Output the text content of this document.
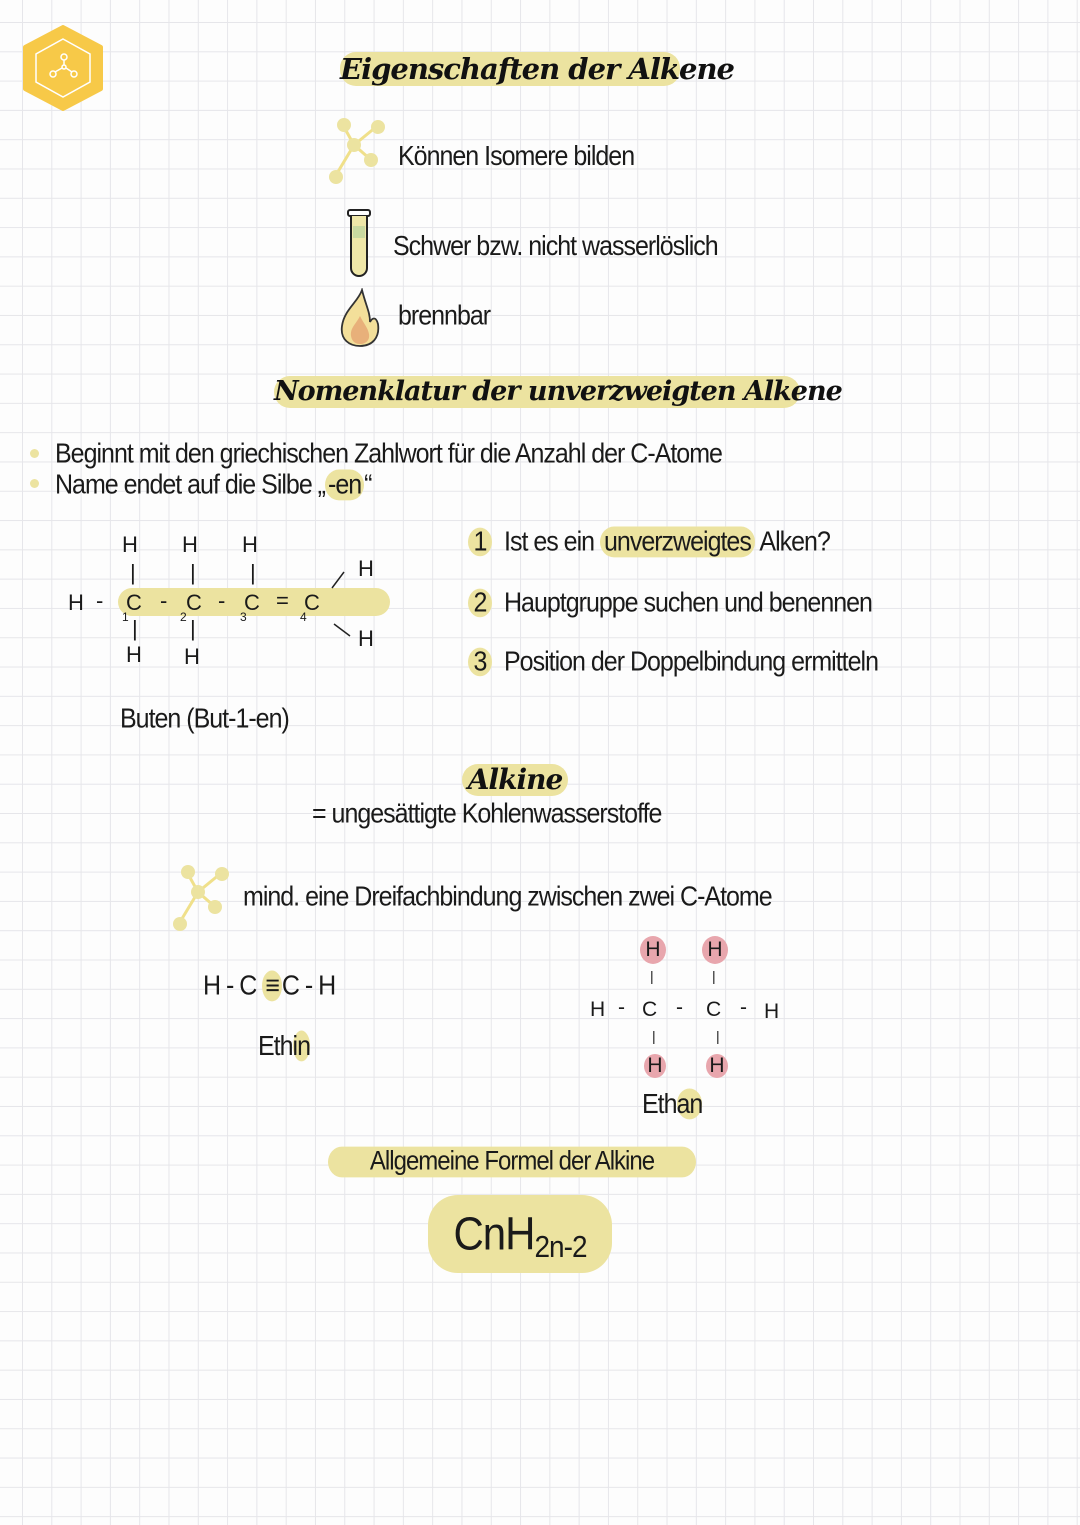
Eigenschaften der Alkene
Können Isomere bilden
Schwer bzw. nicht wasserlöslich
brennbar
Nomenklatur der unverzweigten Alkene
Beginnt mit den griechischen Zahlwort für die Anzahl der C-Atome
Name endet auf die Silbe „ -en “
H H H
| | |
H - C - C - C = C
1	2	3	4
H
H
| |
H H
Buten (But-1-en)
1 Ist es ein unverzweigtes Alken?
2 Hauptgruppe suchen und benennen
3 Position der Doppelbindung ermitteln
Alkine
= ungesättigte Kohlenwasserstoffe
mind. eine Dreifachbindung zwischen zwei C-Atome
H - C ≡ C - H
Ethin
H H
|	|
H - C - C - H
|	|
H H
Ethan
Allgemeine Formel der Alkine
CnH2n-2
